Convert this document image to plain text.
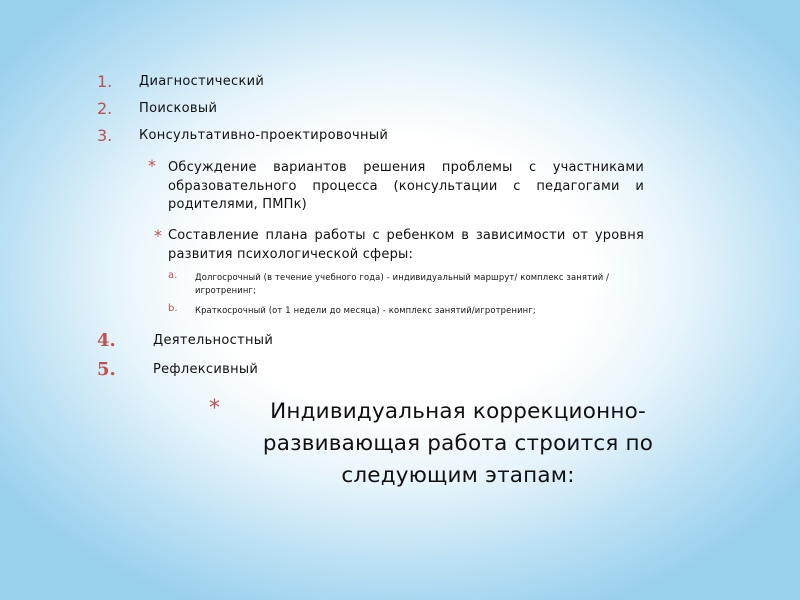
1. Диагностический
2. Поисковый
3. Консультативно-проектировочный
* Обсуждение вариантов решения проблемы с участниками образовательного процесса (консультации с педагогами и родителями, ПМПк)
* Составление плана работы с ребенком в зависимости от уровня развития психологической сферы:
a. Долгосрочный (в течение учебного года) - индивидуальный маршрут/ комплекс занятий /игротренинг;
b. Краткосрочный (от 1 недели до месяца) - комплекс занятий/игротренинг;
4.	Деятельностный
5.	Рефлексивный
*	Индивидуальная коррекционно-развивающая работа строится по следующим этапам:
